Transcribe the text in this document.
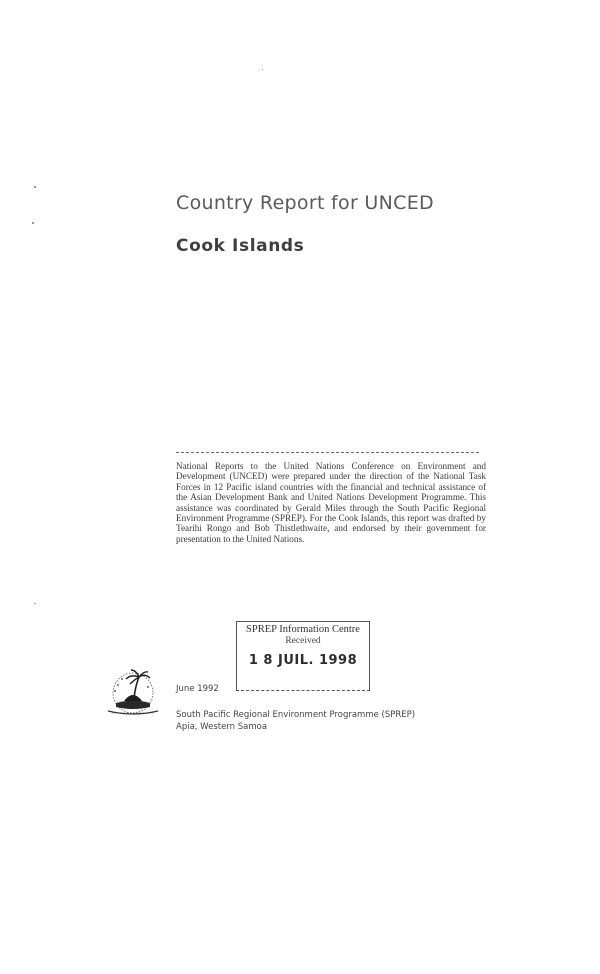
Country Report for UNCED
Cook Islands
National Reports to the United Nations Conference on Environment and Development (UNCED) were prepared under the direction of the National Task Forces in 12 Pacific island countries with the financial and technical assistance of the Asian Development Bank and United Nations Development Programme. This assistance was coordinated by Gerald Miles through the South Pacific Regional Environment Programme (SPREP). For the Cook Islands, this report was drafted by Tearihi Rongo and Bob Thistlethwaite, and endorsed by their government for presentation to the United Nations.
SPREP Information Centre
Received
1 8 JUIL. 1998
June 1992
South Pacific Regional Environment Programme (SPREP)
Apia, Western Samoa
